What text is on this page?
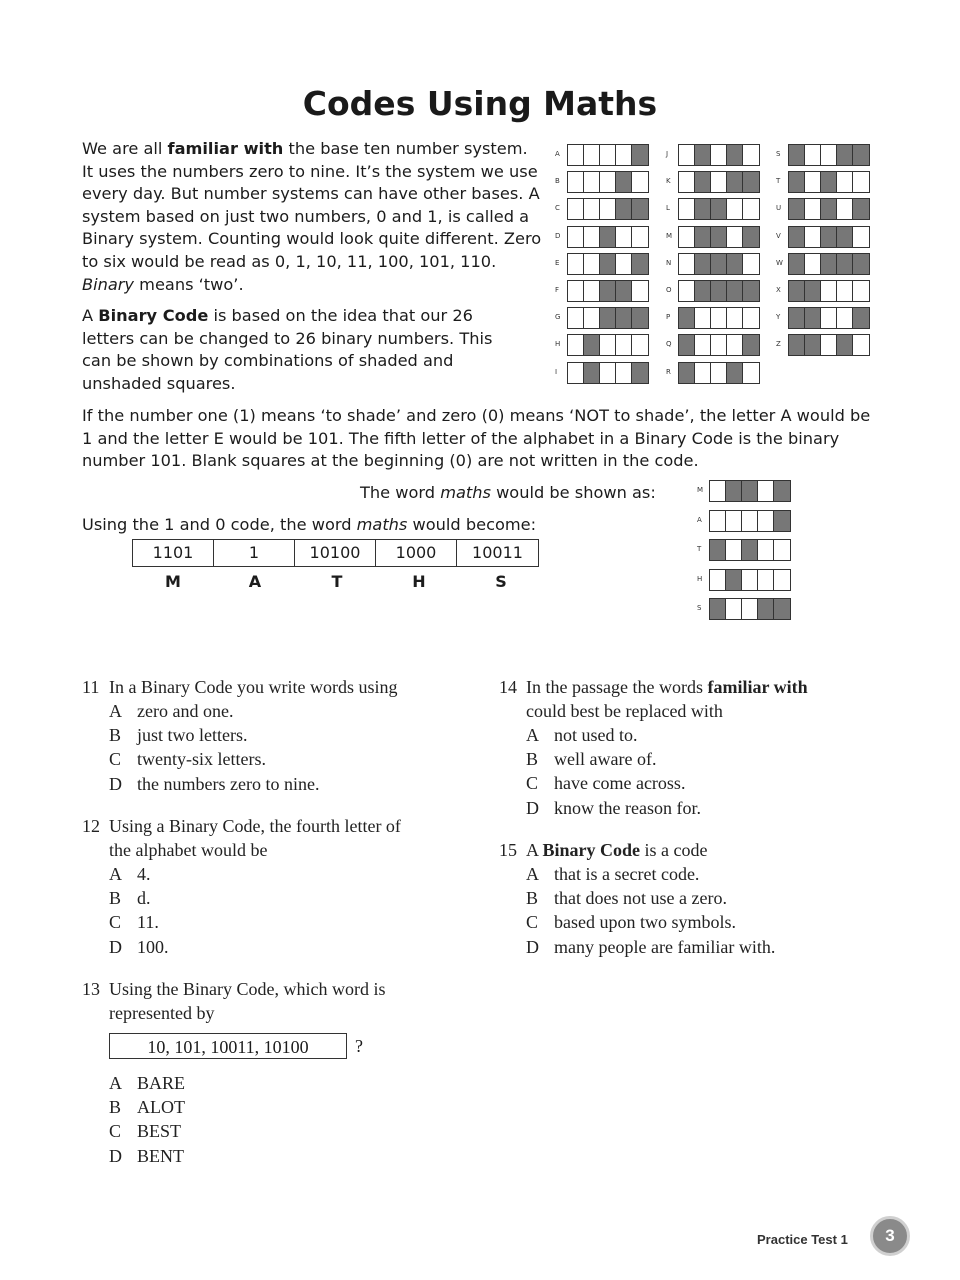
Codes Using Maths

We are all familiar with the base ten number system. It uses the numbers zero to nine. It’s the system we use every day. But number systems can have other bases. A system based on just two numbers, 0 and 1, is called a Binary system. Counting would look quite different. Zero to six would be read as 0, 1, 10, 11, 100, 101, 110. Binary means ‘two’.

A Binary Code is based on the idea that our 26 letters can be changed to 26 binary numbers. This can be shown by combinations of shaded and unshaded squares.

If the number one (1) means ‘to shade’ and zero (0) means ‘NOT to shade’, the letter A would be 1 and the letter E would be 101. The fifth letter of the alphabet in a Binary Code is the binary number 101. Blank squares at the beginning (0) are not written in the code.

A
B
C
D
E
F
G
H
I
J
K
L
M
N
O
P
Q
R
S
T
U
V
W
X
Y
Z

The word maths would be shown as:

Using the 1 and 0 code, the word maths would become:

1101	1	10100	1000	10011
M	A	T	H	S
M
A
T
H
S
11 In a Binary Code you write words using
A zero and one.
B just two letters.
C twenty-six letters.
D the numbers zero to nine.
12 Using a Binary Code, the fourth letter of
the alphabet would be
A 4.
B d.
C 11.
D 100.
13 Using the Binary Code, which word is
represented by
10, 101, 10011, 10100	?
A BARE
B ALOT
C BEST
D BENT
14 In the passage the words familiar with
could best be replaced with
A not used to.
B well aware of.
C have come across.
D know the reason for.
15 A Binary Code is a code
A that is a secret code.
B that does not use a zero.
C based upon two symbols.
D many people are familiar with.
Practice Test 1	3
